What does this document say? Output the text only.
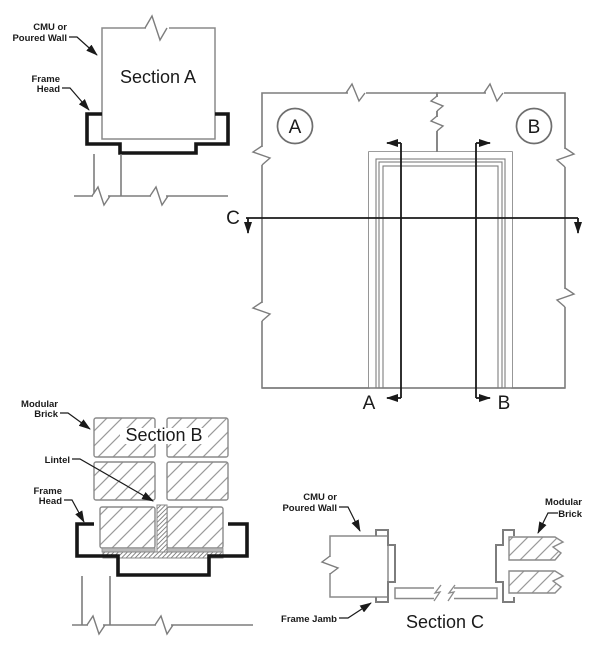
A	B
A	B
C
Section A
CMU or
Poured Wall
Frame
Head
Section B
Modular
Brick
Lintel
Frame
Head
Section C
CMU or
Poured Wall
Modular
Brick
Frame Jamb
